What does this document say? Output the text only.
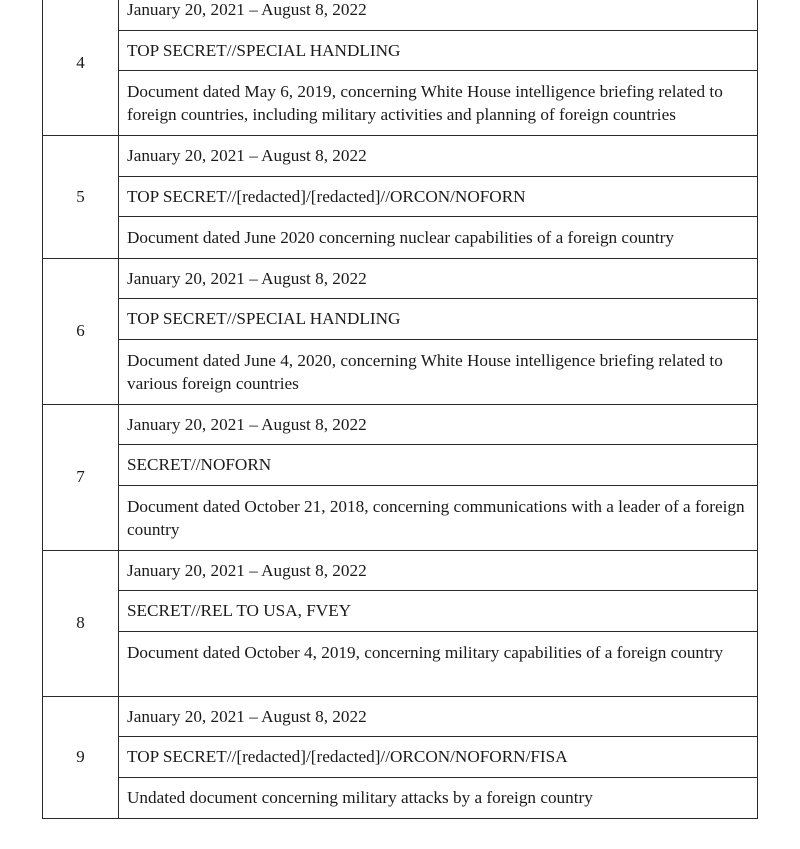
4
January 20, 2021 – August 8, 2022
TOP SECRET//SPECIAL HANDLING
Document dated May 6, 2019, concerning White House intelligence briefing related to foreign countries, including military activities and planning of foreign countries
5
January 20, 2021 – August 8, 2022
TOP SECRET//[redacted]/[redacted]//ORCON/NOFORN
Document dated June 2020 concerning nuclear capabilities of a foreign country
6
January 20, 2021 – August 8, 2022
TOP SECRET//SPECIAL HANDLING
Document dated June 4, 2020, concerning White House intelligence briefing related to various foreign countries
7
January 20, 2021 – August 8, 2022
SECRET//NOFORN
Document dated October 21, 2018, concerning communications with a leader of a foreign country
8
January 20, 2021 – August 8, 2022
SECRET//REL TO USA, FVEY
Document dated October 4, 2019, concerning military capabilities of a foreign country
9
January 20, 2021 – August 8, 2022
TOP SECRET//[redacted]/[redacted]//ORCON/NOFORN/FISA
Undated document concerning military attacks by a foreign country
